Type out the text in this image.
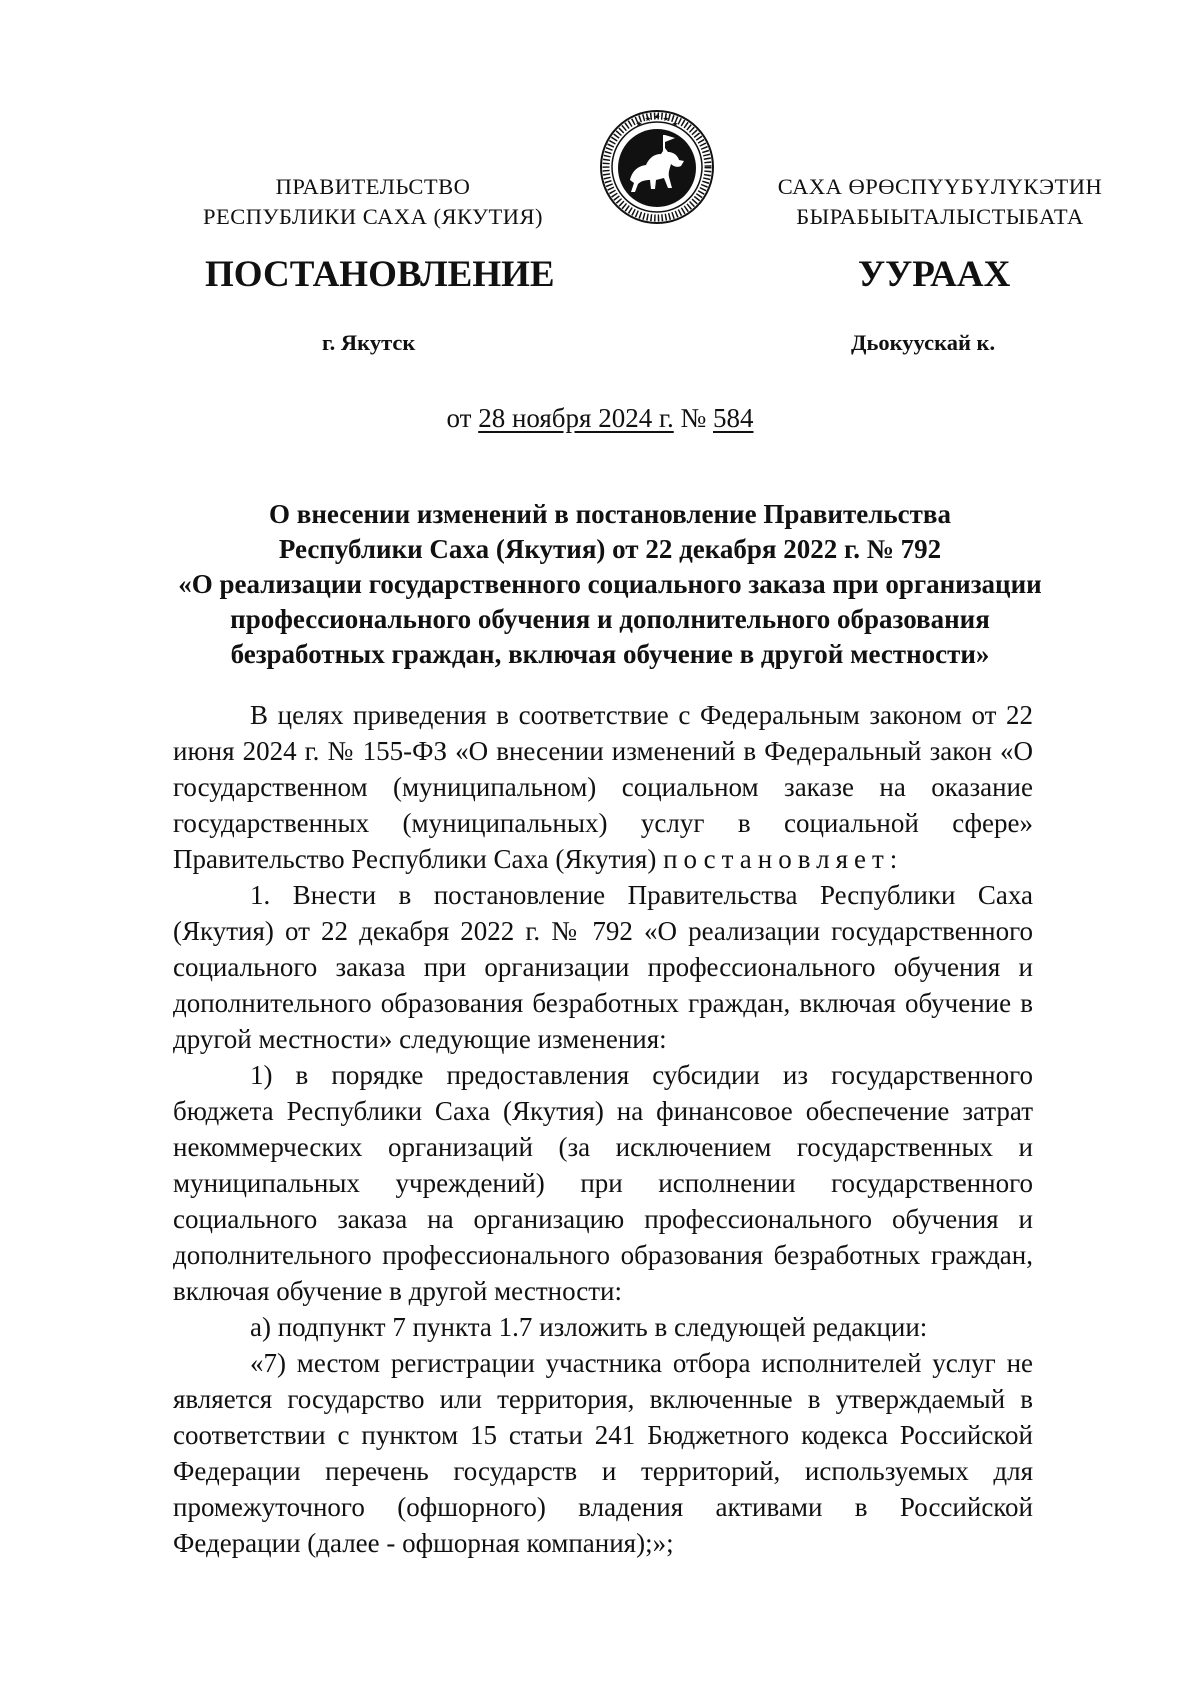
ПРАВИТЕЛЬСТВО
РЕСПУБЛИКИ САХА (ЯКУТИЯ)
САХА ӨРӨСПҮҮБҮЛҮКЭТИН
БЫРАБЫЫТАЛЫСТЫБАТА
ПОСТАНОВЛЕНИЕ	УУРААХ
г. Якутск	Дьокуускай к.
от 28 ноября 2024 г. № 584
О внесении изменений в постановление Правительства
Республики Саха (Якутия) от 22 декабря 2022 г. № 792
«О реализации государственного социального заказа при организации
профессионального обучения и дополнительного образования
безработных граждан, включая обучение в другой местности»

В целях приведения в соответствие с Федеральным законом от 22 июня 2024 г. № 155-ФЗ «О внесении изменений в Федеральный закон «О государственном (муниципальном) социальном заказе на оказание государственных (муниципальных) услуг в социальной сфере» Правительство Республики Саха (Якутия) постановляет:

1. Внести в постановление Правительства Республики Саха (Якутия) от 22 декабря 2022 г. № 792 «О реализации государственного социального заказа при организации профессионального обучения и дополнительного образования безработных граждан, включая обучение в другой местности» следующие изменения:

1) в порядке предоставления субсидии из государственного бюджета Республики Саха (Якутия) на финансовое обеспечение затрат некоммерческих организаций (за исключением государственных и муниципальных учреждений) при исполнении государственного социального заказа на организацию профессионального обучения и дополнительного профессионального образования безработных граждан, включая обучение в другой местности:

а) подпункт 7 пункта 1.7 изложить в следующей редакции:

«7) местом регистрации участника отбора исполнителей услуг не является государство или территория, включенные в утверждаемый в соответствии с пунктом 15 статьи 241 Бюджетного кодекса Российской Федерации перечень государств и территорий, используемых для промежуточного (офшорного) владения активами в Российской Федерации (далее - офшорная компания);»;
